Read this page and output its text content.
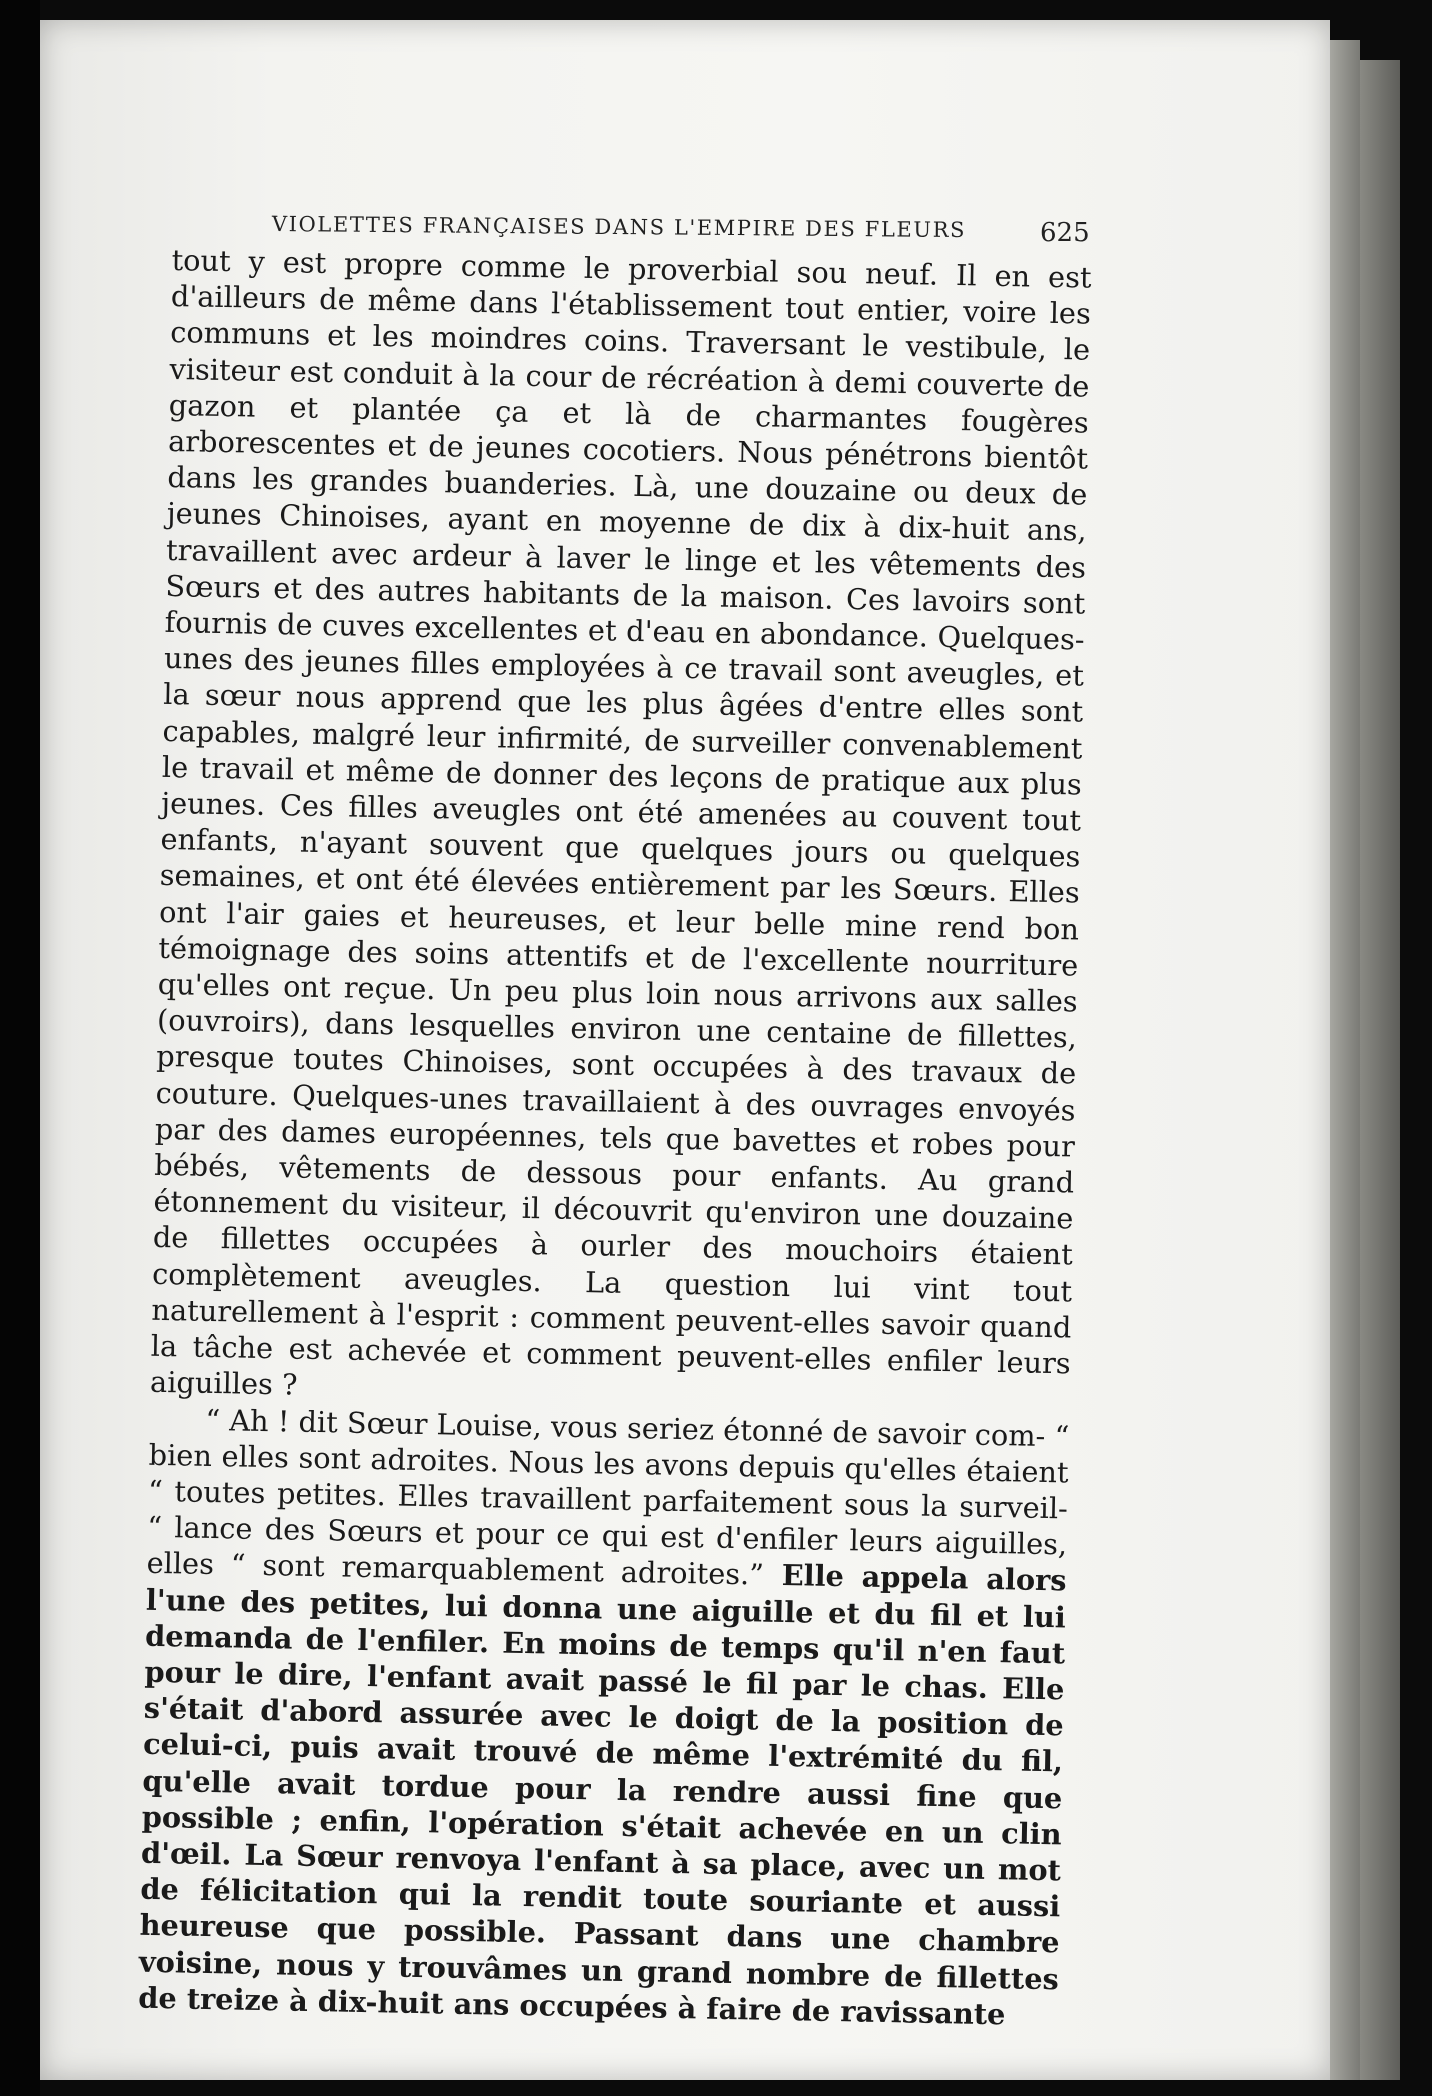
VIOLETTES FRANÇAISES DANS L'EMPIRE DES FLEURS	625

tout y est propre comme le proverbial sou neuf. Il en est d'ailleurs de même dans l'établissement tout entier, voire les communs et les moindres coins. Traversant le vestibule, le visiteur est conduit à la cour de récréation à demi couverte de gazon et plantée ça et là de charmantes fougères arborescentes et de jeunes cocotiers. Nous pénétrons bientôt dans les grandes buanderies. Là, une douzaine ou deux de jeunes Chinoises, ayant en moyenne de dix à dix-huit ans, travaillent avec ardeur à laver le linge et les vêtements des Sœurs et des autres habitants de la maison. Ces lavoirs sont fournis de cuves excellentes et d'eau en abondance. Quelques-unes des jeunes filles employées à ce travail sont aveugles, et la sœur nous apprend que les plus âgées d'entre elles sont capables, malgré leur infirmité, de surveiller convenablement le travail et même de donner des leçons de pratique aux plus jeunes. Ces filles aveugles ont été amenées au couvent tout enfants, n'ayant souvent que quelques jours ou quelques semaines, et ont été élevées entièrement par les Sœurs. Elles ont l'air gaies et heureuses, et leur belle mine rend bon témoignage des soins attentifs et de l'excellente nourriture qu'elles ont reçue. Un peu plus loin nous arrivons aux salles (ouvroirs), dans lesquelles environ une centaine de fillettes, presque toutes Chinoises, sont occupées à des travaux de couture. Quelques-unes travaillaient à des ouvrages envoyés par des dames européennes, tels que bavettes et robes pour bébés, vêtements de dessous pour enfants. Au grand étonnement du visiteur, il découvrit qu'environ une douzaine de fillettes occupées à ourler des mouchoirs étaient complètement aveugles. La question lui vint tout naturellement à l'esprit : comment peuvent-elles savoir quand la tâche est achevée et comment peuvent-elles enfiler leurs aiguilles ?

“ Ah ! dit Sœur Louise, vous seriez étonné de savoir com- “ bien elles sont adroites. Nous les avons depuis qu'elles étaient “ toutes petites. Elles travaillent parfaitement sous la surveil- “ lance des Sœurs et pour ce qui est d'enfiler leurs aiguilles, elles “ sont remarquablement adroites.” Elle appela alors l'une des petites, lui donna une aiguille et du fil et lui demanda de l'enfiler. En moins de temps qu'il n'en faut pour le dire, l'enfant avait passé le fil par le chas. Elle s'était d'abord assurée avec le doigt de la position de celui-ci, puis avait trouvé de même l'extrémité du fil, qu'elle avait tordue pour la rendre aussi fine que possible ; enfin, l'opération s'était achevée en un clin d'œil. La Sœur renvoya l'enfant à sa place, avec un mot de félicitation qui la rendit toute souriante et aussi heureuse que possible. Passant dans une chambre voisine, nous y trouvâmes un grand nombre de fillettes de treize à dix-huit ans occupées à faire de ravissante
